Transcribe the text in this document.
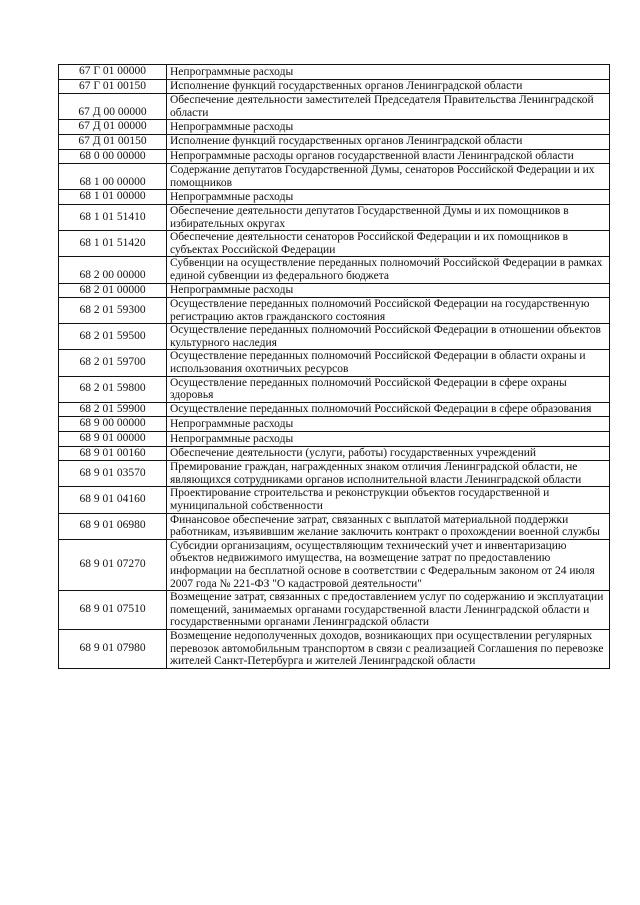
67 Г 01 00000	Непрограммные расходы
67 Г 01 00150	Исполнение функций государственных органов Ленинградской области
67 Д 00 00000	Обеспечение деятельности заместителей Председателя Правительства Ленинградской области
67 Д 01 00000	Непрограммные расходы
67 Д 01 00150	Исполнение функций государственных органов Ленинградской области
68 0 00 00000	Непрограммные расходы органов государственной власти Ленинградской области
68 1 00 00000	Содержание депутатов Государственной Думы, сенаторов Российской Федерации и их помощников
68 1 01 00000	Непрограммные расходы
68 1 01 51410	Обеспечение деятельности депутатов Государственной Думы и их помощников в избирательных округах
68 1 01 51420	Обеспечение деятельности сенаторов Российской Федерации и их помощников в субъектах Российской Федерации
68 2 00 00000	Субвенции на осуществление переданных полномочий Российской Федерации в рамках единой субвенции из федерального бюджета
68 2 01 00000	Непрограммные расходы
68 2 01 59300	Осуществление переданных полномочий Российской Федерации на государственную регистрацию актов гражданского состояния
68 2 01 59500	Осуществление переданных полномочий Российской Федерации в отношении объектов культурного наследия
68 2 01 59700	Осуществление переданных полномочий Российской Федерации в области охраны и использования охотничьих ресурсов
68 2 01 59800	Осуществление переданных полномочий Российской Федерации в сфере охраны здоровья
68 2 01 59900	Осуществление переданных полномочий Российской Федерации в сфере образования
68 9 00 00000	Непрограммные расходы
68 9 01 00000	Непрограммные расходы
68 9 01 00160	Обеспечение деятельности (услуги, работы) государственных учреждений
68 9 01 03570	Премирование граждан, награжденных знаком отличия Ленинградской области, не являющихся сотрудниками органов исполнительной власти Ленинградской области
68 9 01 04160	Проектирование строительства и реконструкции объектов государственной и муниципальной собственности
68 9 01 06980	Финансовое обеспечение затрат, связанных с выплатой материальной поддержки работникам, изъявившим желание заключить контракт о прохождении военной службы
68 9 01 07270	Субсидии организациям, осуществляющим технический учет и инвентаризацию объектов недвижимого имущества, на возмещение затрат по предоставлению информации на бесплатной основе в соответствии с Федеральным законом от 24 июля 2007 года № 221-ФЗ "О кадастровой деятельности"
68 9 01 07510	Возмещение затрат, связанных с предоставлением услуг по содержанию и эксплуатации помещений, занимаемых органами государственной власти Ленинградской области и государственными органами Ленинградской области
68 9 01 07980	Возмещение недополученных доходов, возникающих при осуществлении регулярных перевозок автомобильным транспортом в связи с реализацией Соглашения по перевозке жителей Санкт-Петербурга и жителей Ленинградской области
